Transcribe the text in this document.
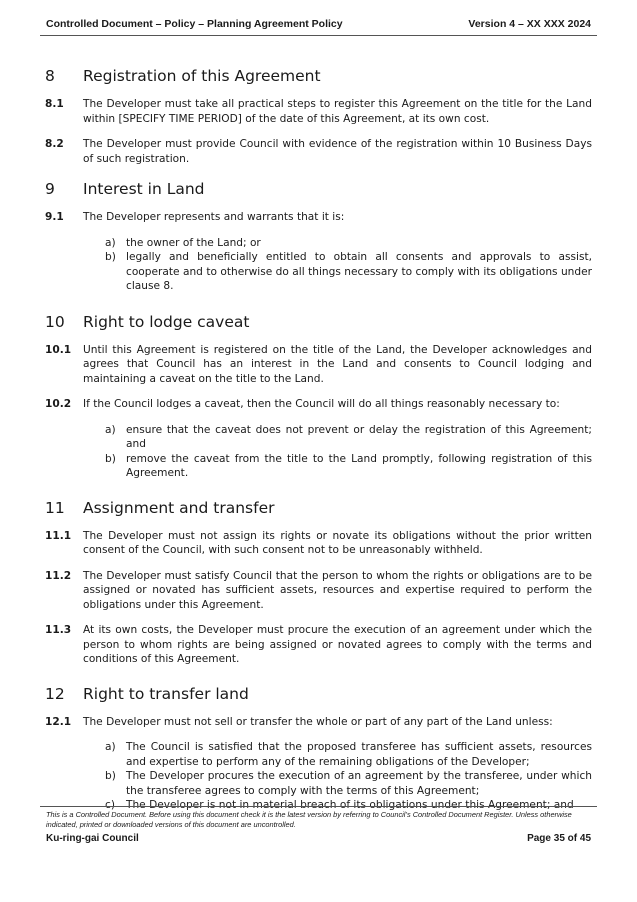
Controlled Document – Policy – Planning Agreement Policy	Version 4 – XX XXX 2024
8	Registration of this Agreement
8.1	The Developer must take all practical steps to register this Agreement on the title for the Land within [SPECIFY TIME PERIOD] of the date of this Agreement, at its own cost.
8.2	The Developer must provide Council with evidence of the registration within 10 Business Days of such registration.
9	Interest in Land
9.1	The Developer represents and warrants that it is:
a) the owner of the Land; or
b) legally and beneficially entitled to obtain all consents and approvals to assist, cooperate and to otherwise do all things necessary to comply with its obligations under clause 8.
10	Right to lodge caveat
10.1	Until this Agreement is registered on the title of the Land, the Developer acknowledges and agrees that Council has an interest in the Land and consents to Council lodging and maintaining a caveat on the title to the Land.
10.2	If the Council lodges a caveat, then the Council will do all things reasonably necessary to:
a) ensure that the caveat does not prevent or delay the registration of this Agreement; and
b) remove the caveat from the title to the Land promptly, following registration of this Agreement.
11	Assignment and transfer
11.1	The Developer must not assign its rights or novate its obligations without the prior written consent of the Council, with such consent not to be unreasonably withheld.
11.2	The Developer must satisfy Council that the person to whom the rights or obligations are to be assigned or novated has sufficient assets, resources and expertise required to perform the obligations under this Agreement.
11.3	At its own costs, the Developer must procure the execution of an agreement under which the person to whom rights are being assigned or novated agrees to comply with the terms and conditions of this Agreement.
12	Right to transfer land
12.1	The Developer must not sell or transfer the whole or part of any part of the Land unless:
a) The Council is satisfied that the proposed transferee has sufficient assets, resources and expertise to perform any of the remaining obligations of the Developer;
b) The Developer procures the execution of an agreement by the transferee, under which the transferee agrees to comply with the terms of this Agreement;
c)	The Developer is not in material breach of its obligations under this Agreement; and
This is a Controlled Document. Before using this document check it is the latest version by referring to Council’s Controlled Document Register. Unless otherwise indicated, printed or downloaded versions of this document are uncontrolled.
Ku-ring-gai Council	Page 35 of 45
